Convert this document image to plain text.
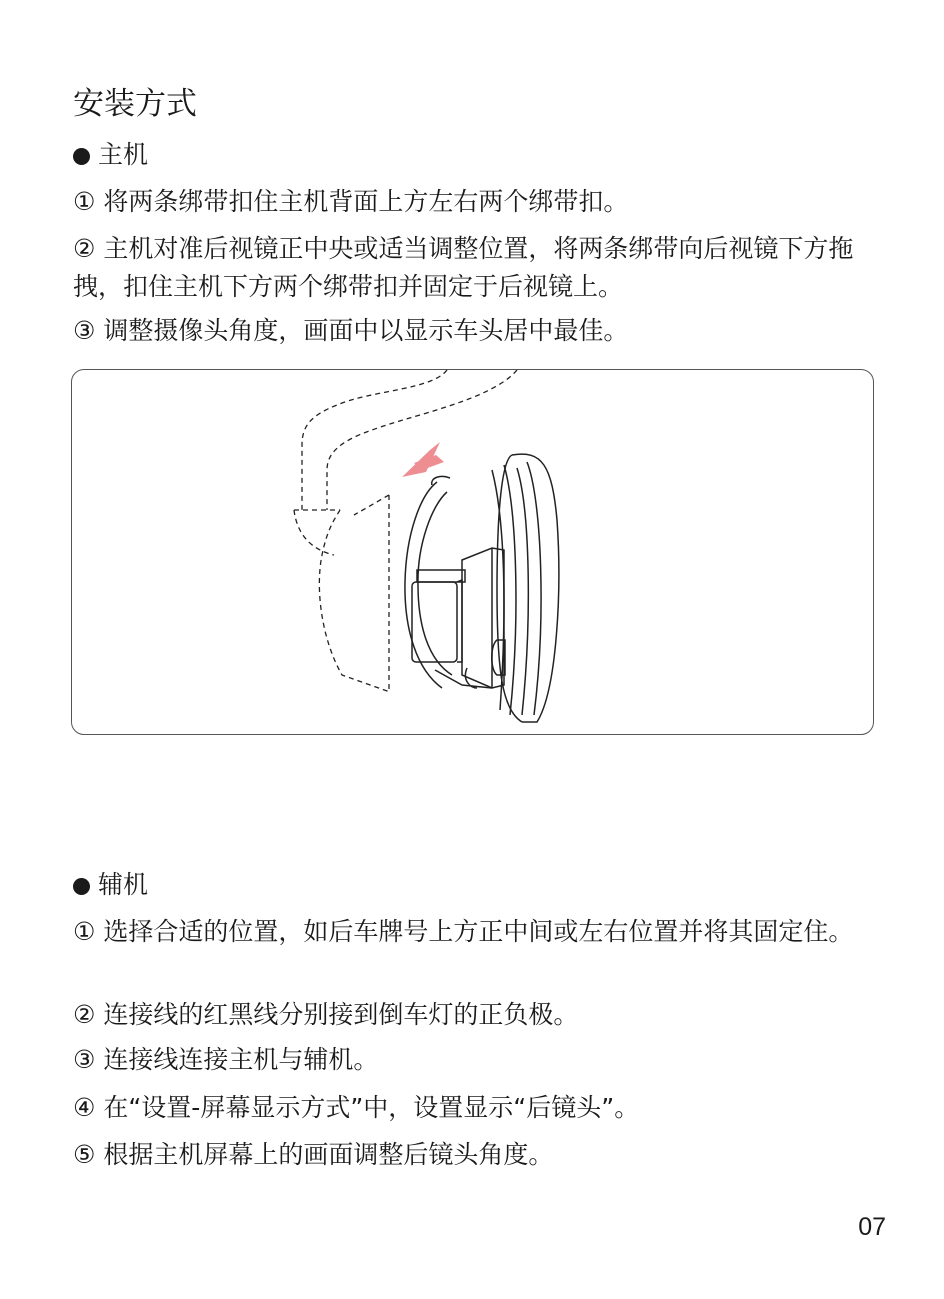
安装方式
主机
① 将两条绑带扣住主机背面上方左右两个绑带扣。
② 主机对准后视镜正中央或适当调整位置，将两条绑带向后视镜下方拖拽，扣住主机下方两个绑带扣并固定于后视镜上。
③ 调整摄像头角度，画面中以显示车头居中最佳。
辅机
① 选择合适的位置，如后车牌号上方正中间或左右位置并将其固定住。
② 连接线的红黑线分别接到倒车灯的正负极。
③ 连接线连接主机与辅机。
④ 在“设置-屏幕显示方式”中，设置显示“后镜头”。
⑤ 根据主机屏幕上的画面调整后镜头角度。
07
